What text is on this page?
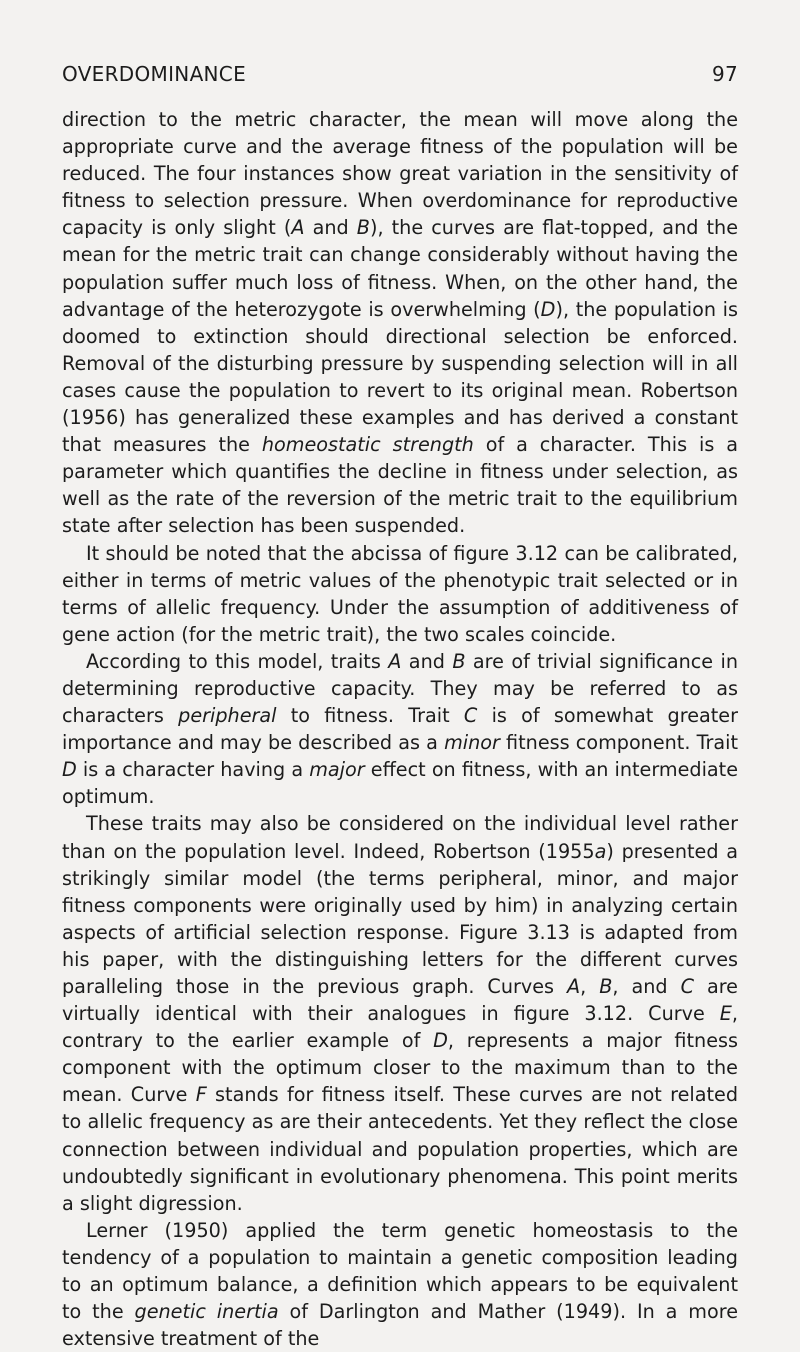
OVERDOMINANCE	97

direction to the metric character, the mean will move along the appropriate curve and the average fitness of the population will be reduced. The four instances show great variation in the sensitivity of fitness to selection pressure. When overdominance for reproductive capacity is only slight (A and B), the curves are flat-topped, and the mean for the metric trait can change considerably without having the population suffer much loss of fitness. When, on the other hand, the advantage of the heterozygote is overwhelming (D), the population is doomed to extinction should directional selection be enforced. Removal of the disturbing pressure by suspending selection will in all cases cause the population to revert to its original mean. Robertson (1956) has generalized these examples and has derived a constant that measures the homeostatic strength of a character. This is a parameter which quantifies the decline in fitness under selection, as well as the rate of the reversion of the metric trait to the equilibrium state after selection has been suspended.

It should be noted that the abcissa of figure 3.12 can be calibrated, either in terms of metric values of the phenotypic trait selected or in terms of allelic frequency. Under the assumption of additiveness of gene action (for the metric trait), the two scales coincide.

According to this model, traits A and B are of trivial significance in determining reproductive capacity. They may be referred to as characters peripheral to fitness. Trait C is of somewhat greater importance and may be described as a minor fitness component. Trait D is a character having a major effect on fitness, with an intermediate optimum.

These traits may also be considered on the individual level rather than on the population level. Indeed, Robertson (1955a) presented a strikingly similar model (the terms peripheral, minor, and major fitness components were originally used by him) in analyzing certain aspects of artificial selection response. Figure 3.13 is adapted from his paper, with the distinguishing letters for the different curves paralleling those in the previous graph. Curves A, B, and C are virtually identical with their analogues in figure 3.12. Curve E, contrary to the earlier example of D, represents a major fitness component with the optimum closer to the maximum than to the mean. Curve F stands for fitness itself. These curves are not related to allelic frequency as are their antecedents. Yet they reflect the close connection between individual and population properties, which are undoubtedly significant in evolutionary phenomena. This point merits a slight digression.

Lerner (1950) applied the term genetic homeostasis to the tendency of a population to maintain a genetic composition leading to an optimum balance, a definition which appears to be equivalent to the genetic inertia of Darlington and Mather (1949). In a more extensive treatment of the
